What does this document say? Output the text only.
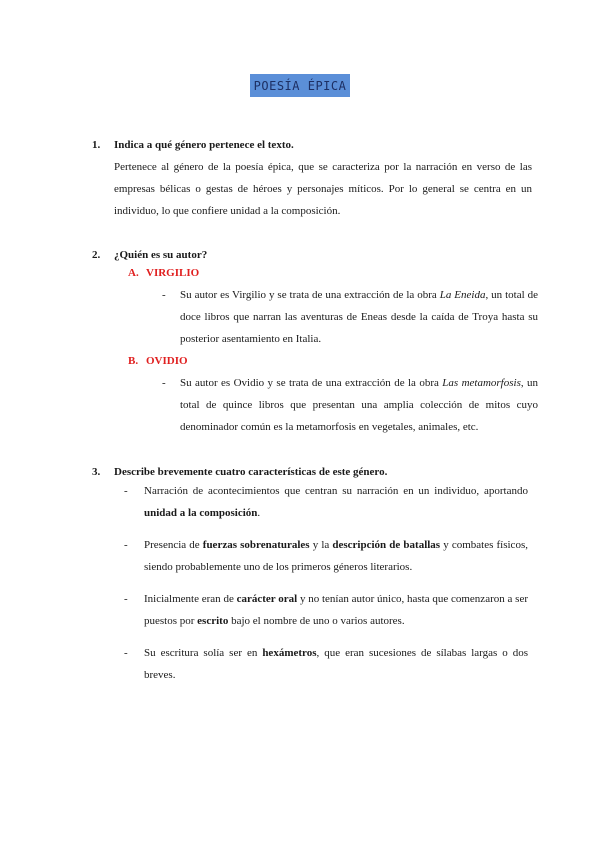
POESÍA ÉPICA
1. Indica a qué género pertenece el texto.
Pertenece al género de la poesía épica, que se caracteriza por la narración en verso de las empresas bélicas o gestas de héroes y personajes míticos. Por lo general se centra en un individuo, lo que confiere unidad a la composición.
2. ¿Quién es su autor?
A. VIRGILIO
- Su autor es Virgilio y se trata de una extracción de la obra La Eneida, un total de doce libros que narran las aventuras de Eneas desde la caída de Troya hasta su posterior asentamiento en Italia.
B. OVIDIO
- Su autor es Ovidio y se trata de una extracción de la obra Las metamorfosis, un total de quince libros que presentan una amplia colección de mitos cuyo denominador común es la metamorfosis en vegetales, animales, etc.
3. Describe brevemente cuatro características de este género.
- Narración de acontecimientos que centran su narración en un individuo, aportando unidad a la composición.
- Presencia de fuerzas sobrenaturales y la descripción de batallas y combates físicos, siendo probablemente uno de los primeros géneros literarios.
- Inicialmente eran de carácter oral y no tenían autor único, hasta que comenzaron a ser puestos por escrito bajo el nombre de uno o varios autores.
- Su escritura solía ser en hexámetros, que eran sucesiones de sílabas largas o dos breves.
